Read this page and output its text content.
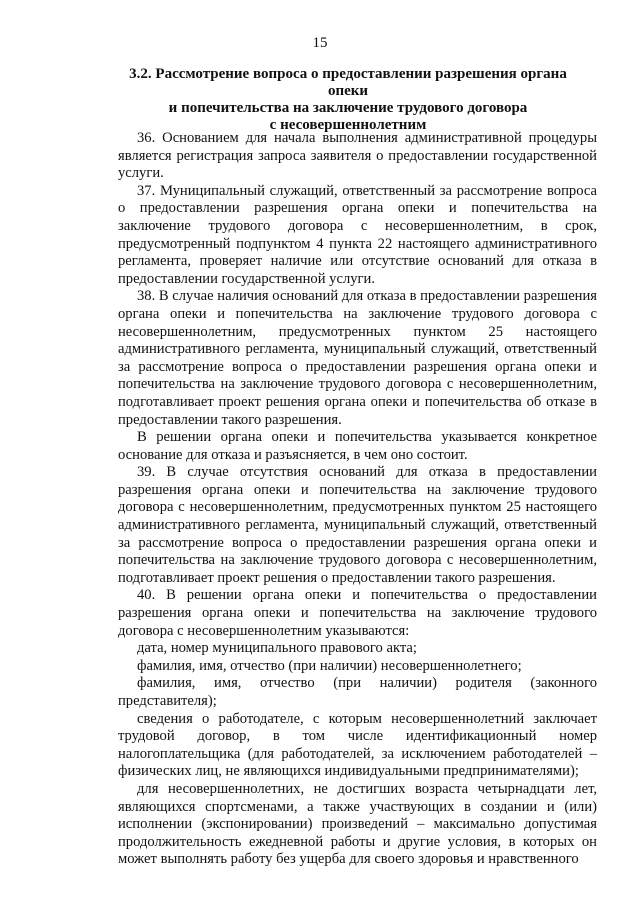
15
3.2. Рассмотрение вопроса о предоставлении разрешения органа опеки
и попечительства на заключение трудового договора
с несовершеннолетним

36. Основанием для начала выполнения административной процедуры является регистрация запроса заявителя о предоставлении государственной услуги.

37. Муниципальный служащий, ответственный за рассмотрение вопроса о предоставлении разрешения органа опеки и попечительства на заключение трудового договора с несовершеннолетним, в срок, предусмотренный подпунктом 4 пункта 22 настоящего административного регламента, проверяет наличие или отсутствие оснований для отказа в предоставлении государственной услуги.

38. В случае наличия оснований для отказа в предоставлении разрешения органа опеки и попечительства на заключение трудового договора с несовершеннолетним, предусмотренных пунктом 25 настоящего административного регламента, муниципальный служащий, ответственный за рассмотрение вопроса о предоставлении разрешения органа опеки и попечительства на заключение трудового договора с несовершеннолетним, подготавливает проект решения органа опеки и попечительства об отказе в предоставлении такого разрешения.

В решении органа опеки и попечительства указывается конкретное основание для отказа и разъясняется, в чем оно состоит.

39. В случае отсутствия оснований для отказа в предоставлении разрешения органа опеки и попечительства на заключение трудового договора с несовершеннолетним, предусмотренных пунктом 25 настоящего административного регламента, муниципальный служащий, ответственный за рассмотрение вопроса о предоставлении разрешения органа опеки и попечительства на заключение трудового договора с несовершеннолетним, подготавливает проект решения о предоставлении такого разрешения.

40. В решении органа опеки и попечительства о предоставлении разрешения органа опеки и попечительства на заключение трудового договора с несовершеннолетним указываются:

дата, номер муниципального правового акта;

фамилия, имя, отчество (при наличии) несовершеннолетнего;

фамилия, имя, отчество (при наличии) родителя (законного представителя);

сведения о работодателе, с которым несовершеннолетний заключает трудовой договор, в том числе идентификационный номер налогоплательщика (для работодателей, за исключением работодателей – физических лиц, не являющихся индивидуальными предпринимателями);

для несовершеннолетних, не достигших возраста четырнадцати лет, являющихся спортсменами, а также участвующих в создании и (или) исполнении (экспонировании) произведений – максимально допустимая продолжительность ежедневной работы и другие условия, в которых он может выполнять работу без ущерба для своего здоровья и нравственного
